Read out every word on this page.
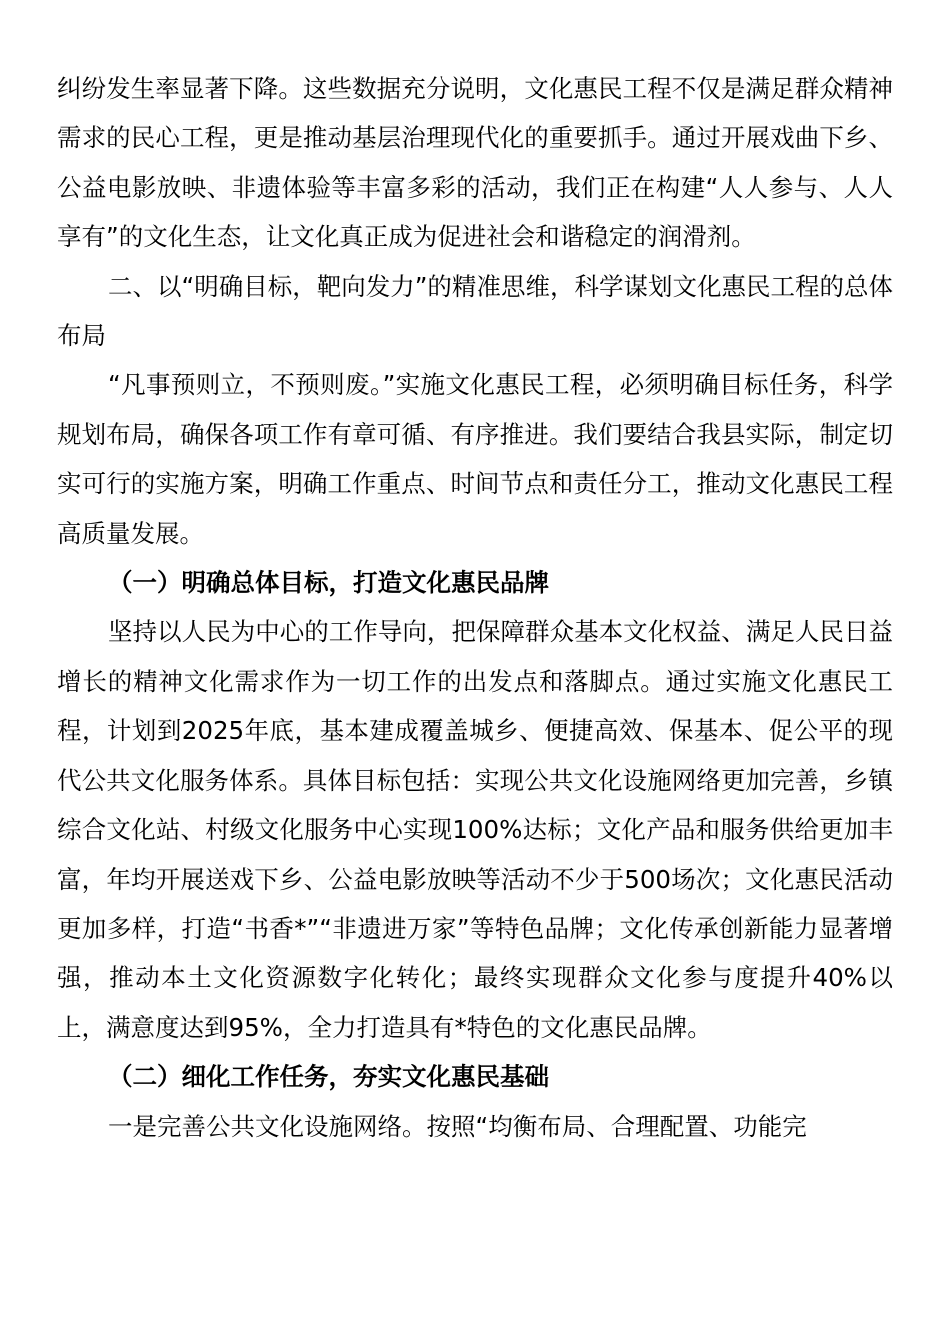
纠纷发生率显著下降。这些数据充分说明，文化惠民工程不仅是满足群众精神需求的民心工程，更是推动基层治理现代化的重要抓手。通过开展戏曲下乡、公益电影放映、非遗体验等丰富多彩的活动，我们正在构建“人人参与、人人享有”的文化生态，让文化真正成为促进社会和谐稳定的润滑剂。

二、以“明确目标，靶向发力”的精准思维，科学谋划文化惠民工程的总体布局

“凡事预则立，不预则废。”实施文化惠民工程，必须明确目标任务，科学规划布局，确保各项工作有章可循、有序推进。我们要结合我县实际，制定切实可行的实施方案，明确工作重点、时间节点和责任分工，推动文化惠民工程高质量发展。

（一）明确总体目标，打造文化惠民品牌

坚持以人民为中心的工作导向，把保障群众基本文化权益、满足人民日益增长的精神文化需求作为一切工作的出发点和落脚点。通过实施文化惠民工程，计划到2025年底，基本建成覆盖城乡、便捷高效、保基本、促公平的现代公共文化服务体系。具体目标包括：实现公共文化设施网络更加完善，乡镇综合文化站、村级文化服务中心实现100%达标；文化产品和服务供给更加丰富，年均开展送戏下乡、公益电影放映等活动不少于500场次；文化惠民活动更加多样，打造“书香*”“非遗进万家”等特色品牌；文化传承创新能力显著增强，推动本土文化资源数字化转化；最终实现群众文化参与度提升40%以上，满意度达到95%，全力打造具有*特色的文化惠民品牌。

（二）细化工作任务，夯实文化惠民基础

一是完善公共文化设施网络。按照“均衡布局、合理配置、功能完
